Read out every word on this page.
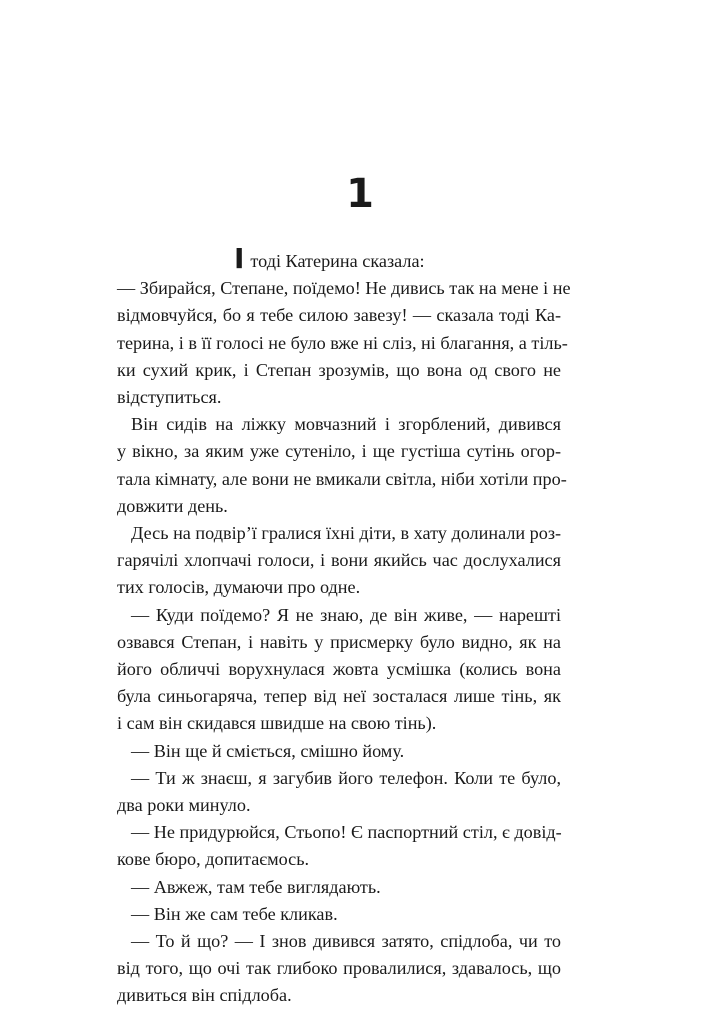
1
Ітоді Катерина сказала:
— Збирайся, Степане, поїдемо! Не дивись так на мене і не
відмовчуйся, бо я тебе силою завезу! — сказала тоді Ка-
терина, і в її голосі не було вже ні сліз, ні благання, а тіль-
ки сухий крик, і Степан зрозумів, що вона од свого не
відступиться.
Він сидів на ліжку мовчазний і згорблений, дивився
у вікно, за яким уже сутеніло, і ще густіша сутінь огор-
тала кімнату, але вони не вмикали світла, ніби хотіли про-
довжити день.
Десь на подвір’ї гралися їхні діти, в хату долинали роз-
гарячілі хлопчачі голоси, і вони якийсь час дослухалися
тих голосів, думаючи про одне.
— Куди поїдемо? Я не знаю, де він живе, — нарешті
озвався Степан, і навіть у присмерку було видно, як на
його обличчі ворухнулася жовта усмішка (колись вона
була синьогаряча, тепер від неї зосталася лише тінь, як
і сам він скидався швидше на свою тінь).
— Він ще й сміється, смішно йому.
— Ти ж знаєш, я загубив його телефон. Коли те було,
два роки минуло.
— Не придурюйся, Стьопо! Є паспортний стіл, є довід-
кове бюро, допитаємось.
— Авжеж, там тебе виглядають.
— Він же сам тебе кликав.
— То й що? — І знов дивився затято, спідлоба, чи то
від того, що очі так глибоко провалилися, здавалось, що
дивиться він спідлоба.
